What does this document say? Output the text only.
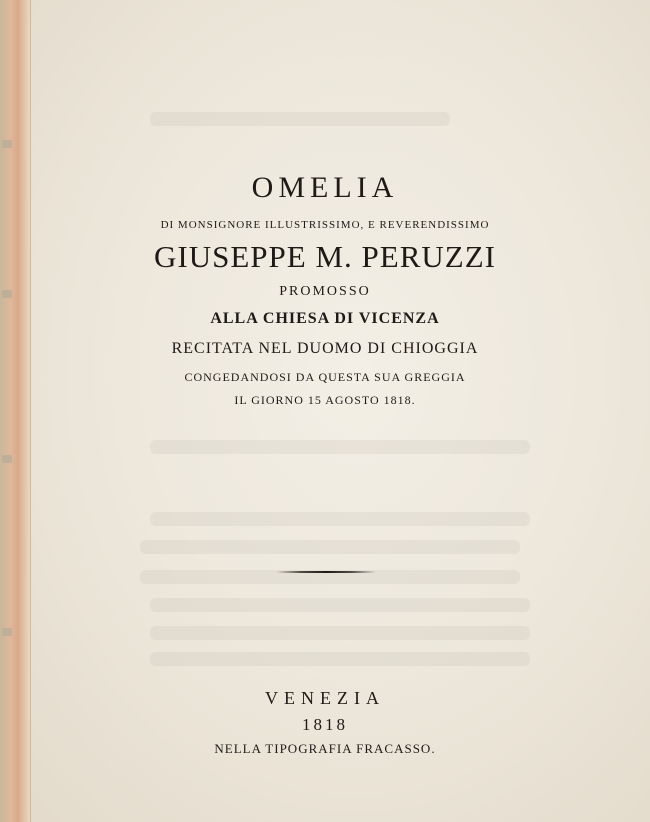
OMELIA
DI MONSIGNORE ILLUSTRISSIMO, E REVERENDISSIMO
GIUSEPPE M. PERUZZI
PROMOSSO
ALLA CHIESA DI VICENZA
RECITATA NEL DUOMO DI CHIOGGIA
CONGEDANDOSI DA QUESTA SUA GREGGIA
IL GIORNO 15 AGOSTO 1818.
VENEZIA
1818
NELLA TIPOGRAFIA FRACASSO.
